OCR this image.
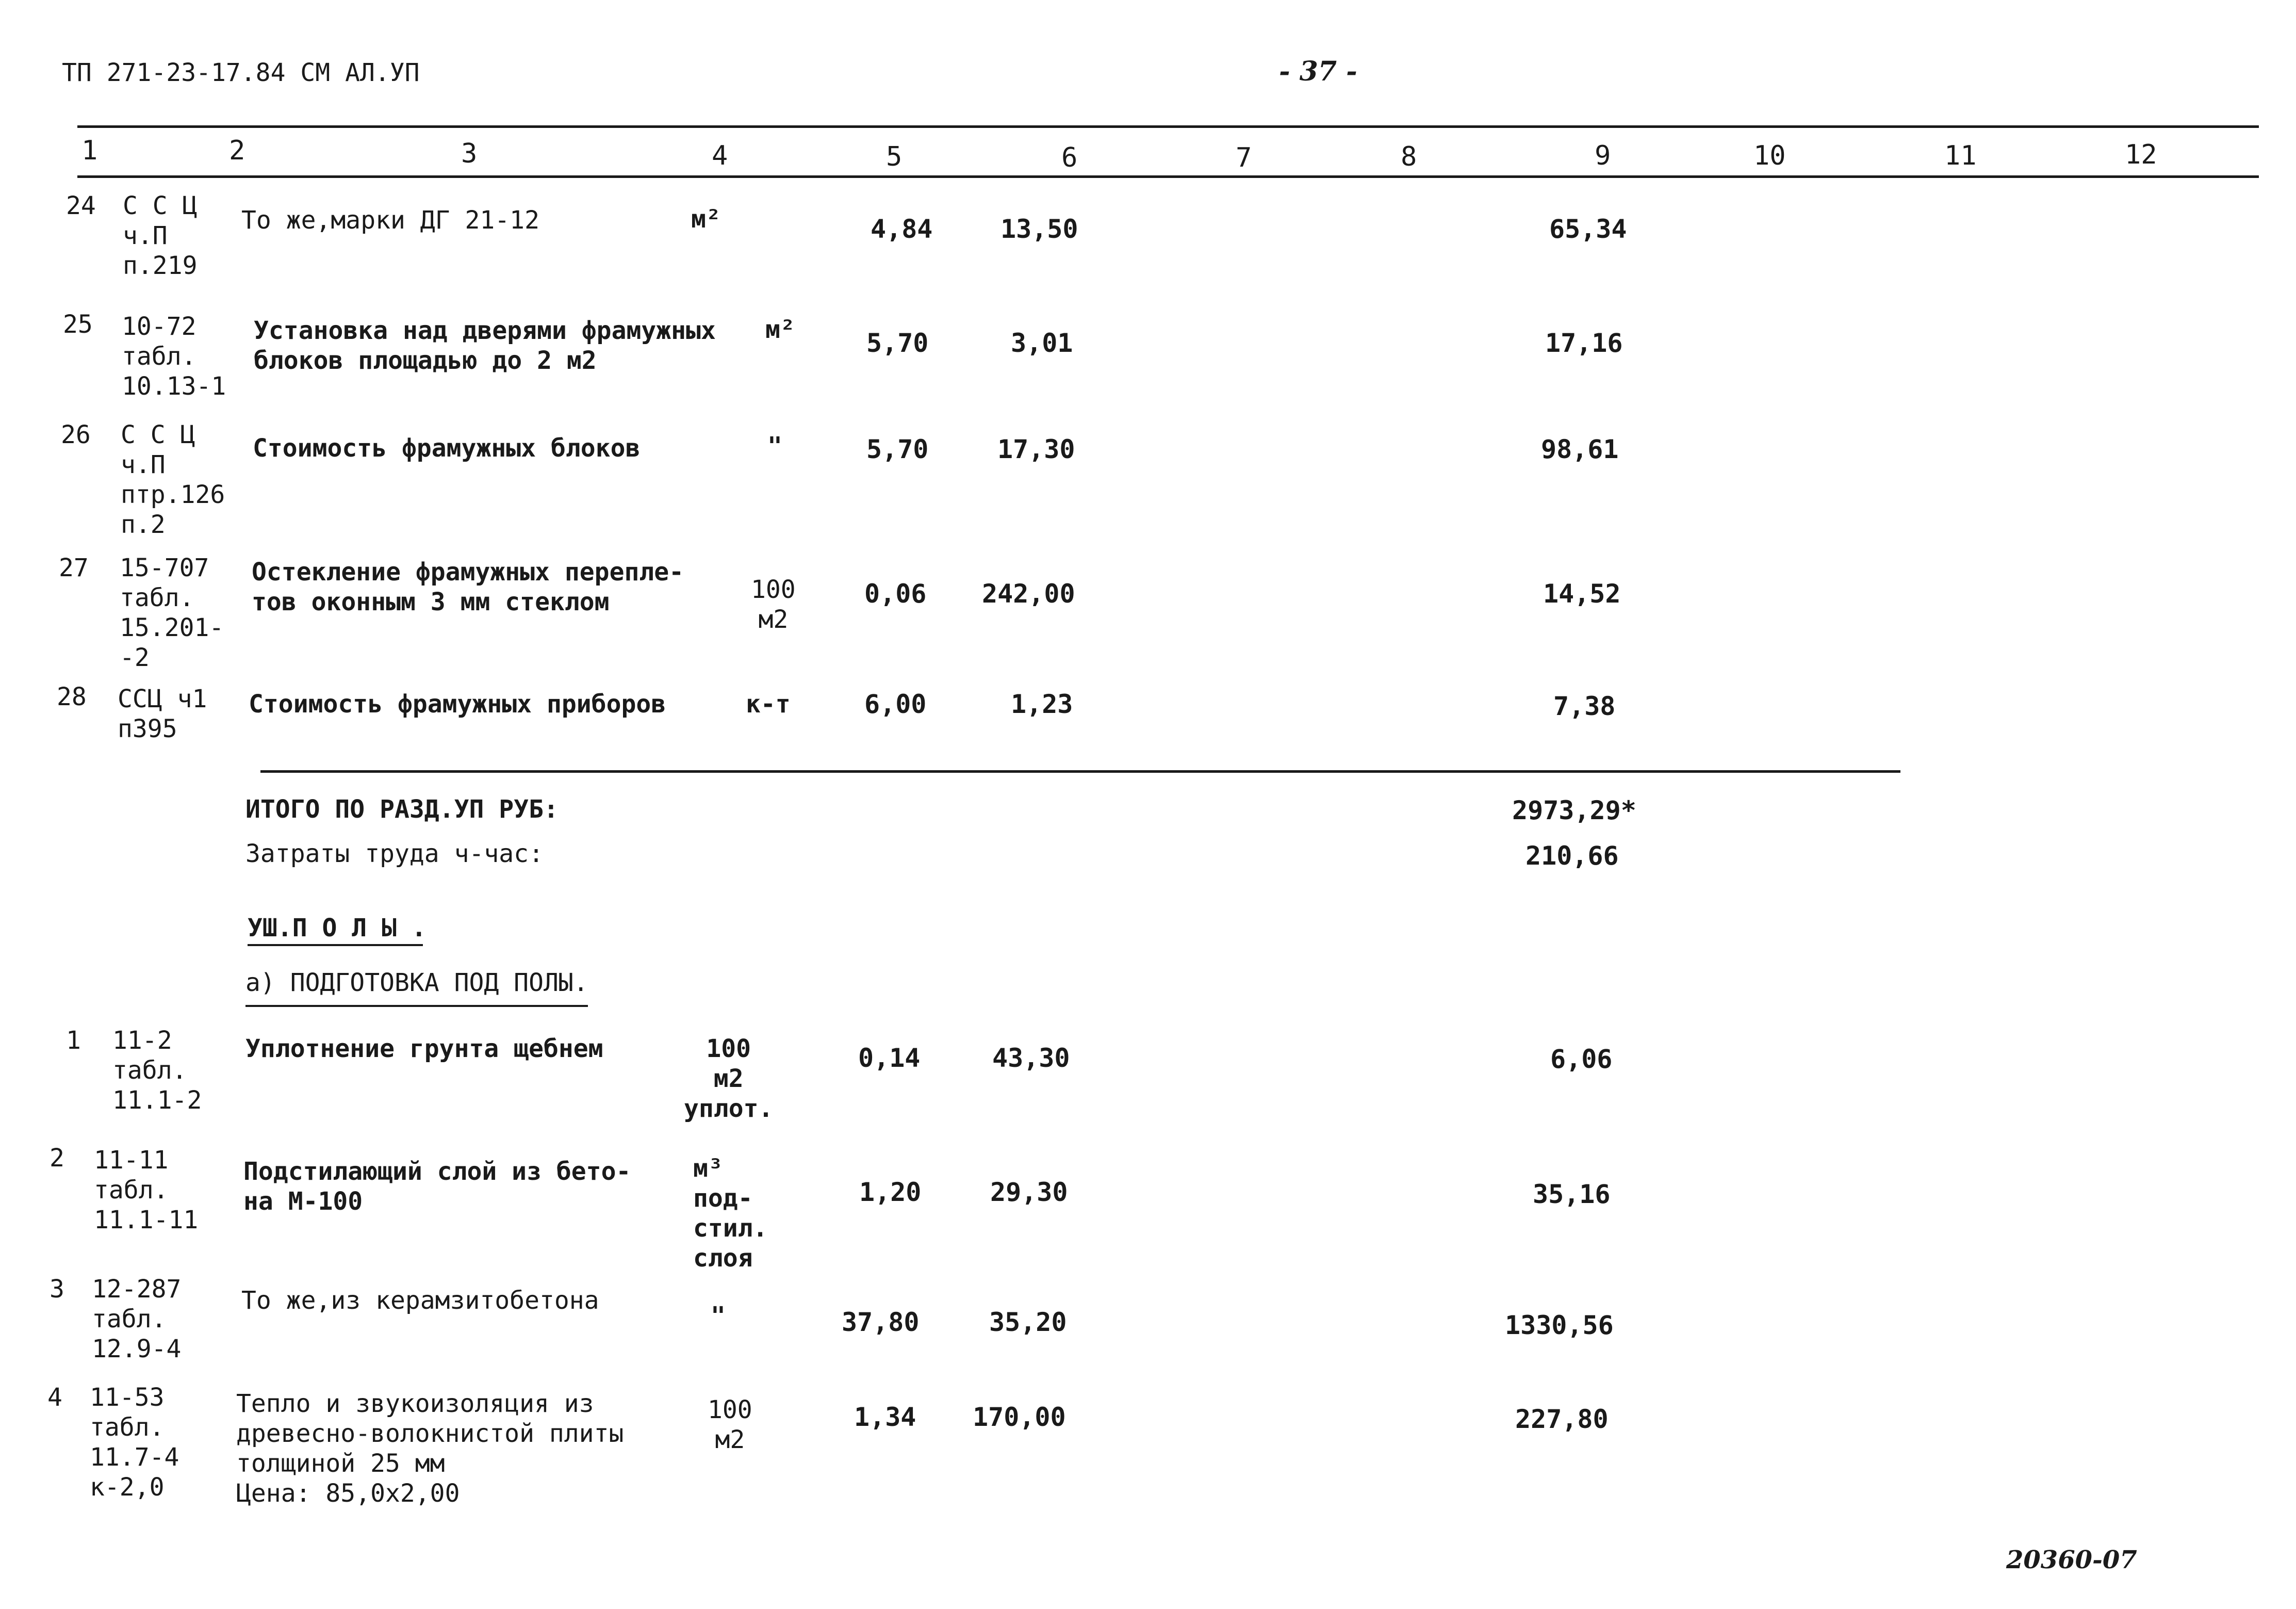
ТП 271-23-17.84 СМ АЛ.УП	- 37 -
1	2	3	4	5	6	7	8	9	10	11	12
24 С С Ц
ч.П
п.219
То же,марки ДГ 21-12	м²	4,84	13,50	65,34
25 10-72
табл.
10.13-1
Установка над дверями фрамужных
блоков площадью до 2 м2
м²	5,70	3,01	17,16
26 С С Ц
ч.П
птр.126
п.2
Стоимость фрамужных блоков	"	5,70	17,30	98,61
27 15-707
табл.
15.201-
-2
Остекление фрамужных перепле-
тов оконным 3 мм стеклом	100
м2
0,06 242,00	14,52
28 ССЦ ч1
п395
Стоимость фрамужных приборов	к-т	6,00	1,23	7,38
ИТОГО ПО РАЗД.УП РУБ:	2973,29*
Затраты труда ч-час:	210,66
УШ.П О Л Ы .
а) ПОДГОТОВКА ПОД ПОЛЫ.
1 11-2
табл.
11.1-2
Уплотнение грунта щебнем	100
м2
уплот.
0,14	43,30	6,06
2 11-11
табл.
11.1-11
Подстилающий слой из бето-
на М-100
м³
под-
стил.
слоя
1,20	29,30	35,16
3 12-287
табл.
12.9-4
То же,из керамзитобетона
"	37,80	35,20	1330,56
4 11-53
табл.
11.7-4
к-2,0
Тепло и звукоизоляция из
древесно-волокнистой плиты
толщиной 25 мм
Цена: 85,0х2,00
100
м2
1,34 170,00	227,80
20360-07
